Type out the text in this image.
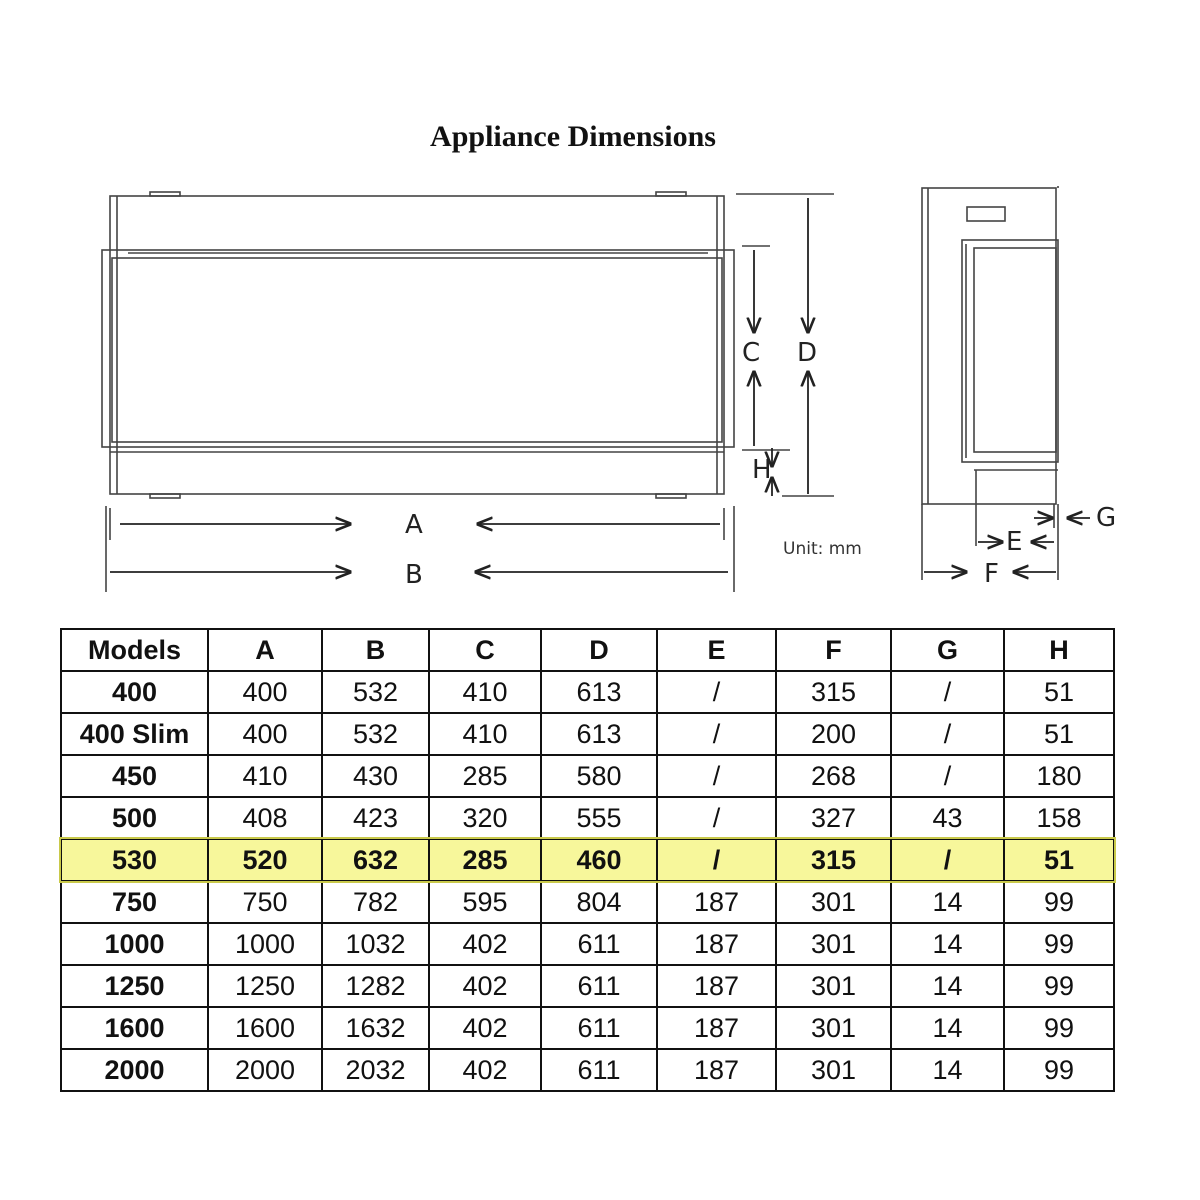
Appliance Dimensions
A
B
C D
H
E
F
G
Unit: mm
Models	A	B	C	D	E	F	G	H
400	400	532	410	613	/	315	/	51
400 Slim	400	532	410	613	/	200	/	51
450	410	430	285	580	/	268	/	180
500	408	423	320	555	/	327	43	158
530	520	632	285	460	/	315	/	51
750	750	782	595	804	187	301	14	99
1000	1000	1032	402	611	187	301	14	99
1250	1250	1282	402	611	187	301	14	99
1600	1600	1632	402	611	187	301	14	99
2000	2000	2032	402	611	187	301	14	99
